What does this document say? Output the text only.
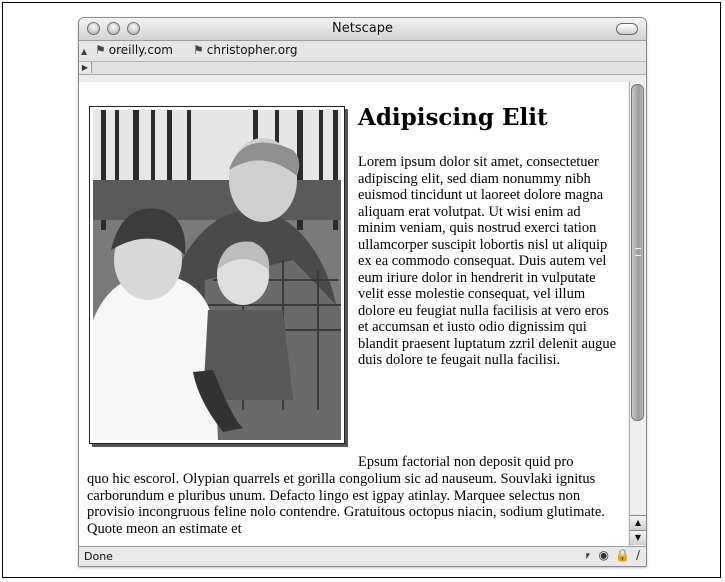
Netscape
▲ ⚑ oreilly.com ⚑ christopher.org
▶
Adipiscing Elit
Lorem ipsum dolor sit amet, consectetuer adipiscing elit, sed diam nonummy nibh euismod tincidunt ut laoreet dolore magna aliquam erat volutpat. Ut wisi enim ad minim veniam, quis nostrud exerci tation ullamcorper suscipit lobortis nisl ut aliquip ex ea commodo consequat. Duis autem vel eum iriure dolor in hendrerit in vulputate velit esse molestie consequat, vel illum dolore eu feugiat nulla facilisis at vero eros et accumsan et iusto odio dignissim qui blandit praesent luptatum zzril delenit augue duis dolore te feugait nulla facilisi.
Epsum factorial non deposit quid pro
quo hic escorol. Olypian quarrels et gorilla congolium sic ad nauseum. Souvlaki ignitus carborundum e pluribus unum. Defacto lingo est igpay atinlay. Marquee selectus non provisio incongruous feline nolo contendre. Gratuitous octopus niacin, sodium glutimate. Quote meon an estimate et	▲
▼
Done	⎖ ◉ 🔒 ∕
